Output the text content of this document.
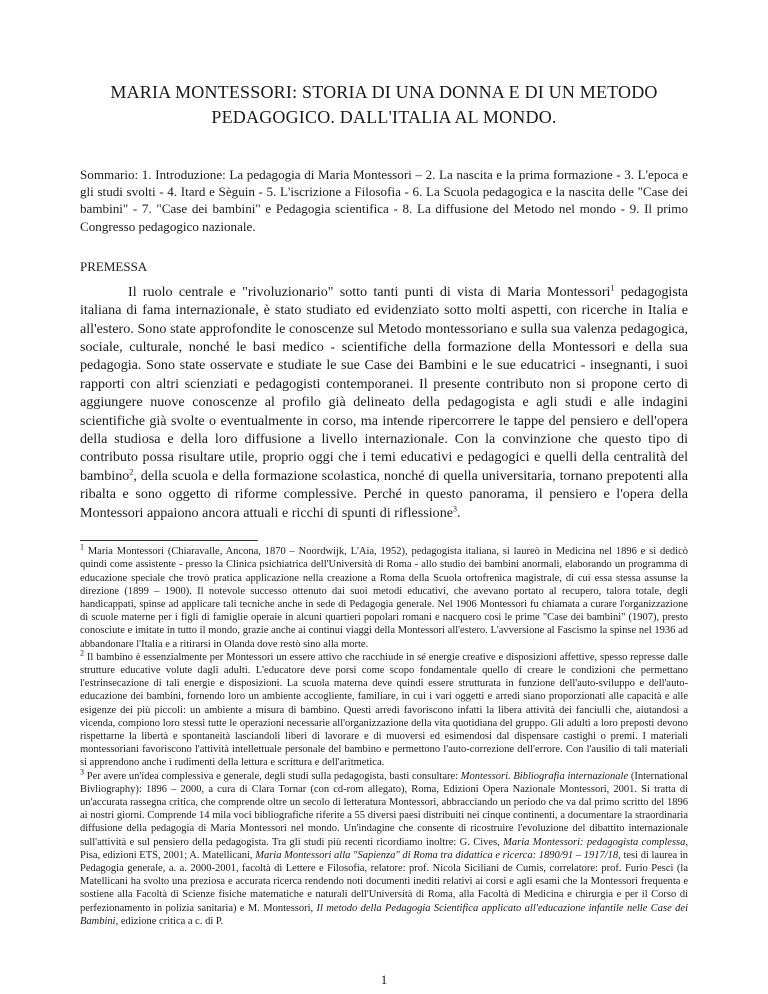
MARIA MONTESSORI: STORIA DI UNA DONNA E DI UN METODO
PEDAGOGICO. DALL'ITALIA AL MONDO.
Sommario: 1. Introduzione: La pedagogia di Maria Montessori – 2. La nascita e la prima formazione - 3. L'epoca e gli studi svolti - 4. Itard e Sèguin - 5. L'iscrizione a Filosofia - 6. La Scuola pedagogica e la nascita delle "Case dei bambini" - 7. "Case dei bambini" e Pedagogia scientifica - 8. La diffusione del Metodo nel mondo - 9. Il primo Congresso pedagogico nazionale.
PREMESSA
Il ruolo centrale e "rivoluzionario" sotto tanti punti di vista di Maria Montessori$^1$ pedagogista italiana di fama internazionale, è stato studiato ed evidenziato sotto molti aspetti, con ricerche in Italia e all'estero. Sono state approfondite le conoscenze sul Metodo montessoriano e sulla sua valenza pedagogica, sociale, culturale, nonché le basi medico - scientifiche della formazione della Montessori e della sua pedagogia. Sono state osservate e studiate le sue Case dei Bambini e le sue educatrici - insegnanti, i suoi rapporti con altri scienziati e pedagogisti contemporanei. Il presente contributo non si propone certo di aggiungere nuove conoscenze al profilo già delineato della pedagogista e agli studi e alle indagini scientifiche già svolte o eventualmente in corso, ma intende ripercorrere le tappe del pensiero e dell'opera della studiosa e della loro diffusione a livello internazionale. Con la convinzione che questo tipo di contributo possa risultare utile, proprio oggi che i temi educativi e pedagogici e quelli della centralità del bambino$^2$, della scuola e della formazione scolastica, nonché di quella universitaria, tornano prepotenti alla ribalta e sono oggetto di riforme complessive. Perché in questo panorama, il pensiero e l'opera della Montessori appaiono ancora attuali e ricchi di spunti di riflessione$^3$.

$^1$ Maria Montessori (Chiaravalle, Ancona, 1870 – Noordwijk, L'Aia, 1952), pedagogista italiana, si laureò in Medicina nel 1896 e si dedicò quindi come assistente - presso la Clinica psichiatrica dell'Università di Roma - allo studio dei bambini anormali, elaborando un programma di educazione speciale che trovò pratica applicazione nella creazione a Roma della Scuola ortofrenica magistrale, di cui essa stessa assunse la direzione (1899 – 1900). Il notevole successo ottenuto dai suoi metodi educativi, che avevano portato al recupero, talora totale, degli handicappati, spinse ad applicare tali tecniche anche in sede di Pedagogia generale. Nel 1906 Montessori fu chiamata a curare l'organizzazione di scuole materne per i figli di famiglie operaie in alcuni quartieri popolari romani e nacquero così le prime "Case dei bambini" (1907), presto conosciute e imitate in tutto il mondo, grazie anche ai continui viaggi della Montessori all'estero. L'avversione al Fascismo la spinse nel 1936 ad abbandonare l'Italia e a ritirarsi in Olanda dove restò sino alla morte.

$^2$ Il bambino è essenzialmente per Montessori un essere attivo che racchiude in sé energie creative e disposizioni affettive, spesso represse dalle strutture educative volute dagli adulti. L'educatore deve porsi come scopo fondamentale quello di creare le condizioni che permettano l'estrinsecazione di tali energie e disposizioni. La scuola materna deve quindi essere strutturata in funzione dell'auto-sviluppo e dell'auto-educazione dei bambini, fornendo loro un ambiente accogliente, familiare, in cui i vari oggetti e arredi siano proporzionati alle capacità e alle esigenze dei più piccoli: un ambiente a misura di bambino. Questi arredi favoriscono infatti la libera attività dei fanciulli che, aiutandosi a vicenda, compiono loro stessi tutte le operazioni necessarie all'organizzazione della vita quotidiana del gruppo. Gli adulti a loro preposti devono rispettarne la libertà e spontaneità lasciandoli liberi di lavorare e di muoversi ed esimendosi dal dispensare castighi o premi. I materiali montessoriani favoriscono l'attività intellettuale personale del bambino e permettono l'auto-correzione dell'errore. Con l'ausilio di tali materiali si apprendono anche i rudimenti della lettura e scrittura e dell'aritmetica.

$^3$ Per avere un'idea complessiva e generale, degli studi sulla pedagogista, basti consultare: Montessori. Bibliografia internazionale (International Bivliography): 1896 – 2000, a cura di Clara Tornar (con cd-rom allegato), Roma, Edizioni Opera Nazionale Montessori, 2001. Si tratta di un'accurata rassegna critica, che comprende oltre un secolo di letteratura Montessori, abbracciando un periodo che va dal primo scritto del 1896 ai nostri giorni. Comprende 14 mila voci bibliografiche riferite a 55 diversi paesi distribuiti nei cinque continenti, a documentare la straordinaria diffusione della pedagogia di Maria Montessori nel mondo. Un'indagine che consente di ricostruire l'evoluzione del dibattito internazionale sull'attività e sul pensiero della pedagogista. Tra gli studi più recenti ricordiamo inoltre: G. Cives, Maria Montessori: pedagogista complessa, Pisa, edizioni ETS, 2001; A. Matellicani, Maria Montessori alla "Sapienza" di Roma tra didattica e ricerca: 1890/91 – 1917/18, tesi di laurea in Pedagogia generale, a. a. 2000-2001, facoltà di Lettere e Filosofia, relatore: prof. Nicola Siciliani de Cumis, correlatore: prof. Furio Pesci (la Matellicani ha svolto una preziosa e accurata ricerca rendendo noti documenti inediti relativi ai corsi e agli esami che la Montessori frequenta e sostiene alla Facoltà di Scienze fisiche matematiche e naturali dell'Università di Roma, alla Facoltà di Medicina e chirurgia e per il Corso di perfezionamento in polizia sanitaria) e M. Montessori, Il metodo della Pedagogia Scientifica applicato all'educazione infantile nelle Case dei Bambini, edizione critica a c. di P.

1
